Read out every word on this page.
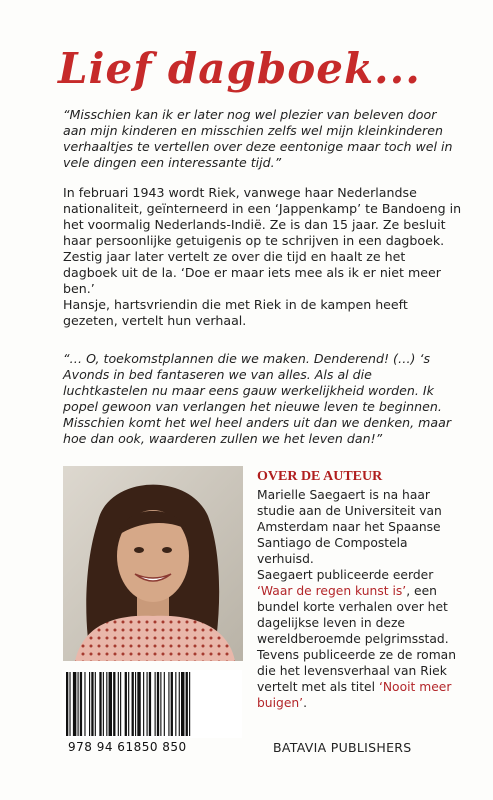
Lief dagboek...

“Misschien kan ik er later nog wel plezier van beleven door aan mijn kinderen en misschien zelfs wel mijn kleinkinderen verhaaltjes te vertellen over deze eentonige maar toch wel in vele dingen een interessante tijd.”

In februari 1943 wordt Riek, vanwege haar Nederlandse nationaliteit, geïnterneerd in een ‘Jappenkamp’ te Bandoeng in het voormalig Nederlands-Indië. Ze is dan 15 jaar. Ze besluit haar persoonlijke getuigenis op te schrijven in een dagboek. Zestig jaar later vertelt ze over die tijd en haalt ze het dagboek uit de la. ‘Doe er maar iets mee als ik er niet meer ben.’

Hansje, hartsvriendin die met Riek in de kampen heeft gezeten, vertelt hun verhaal.

“… O, toekomstplannen die we maken. Denderend! (…) ‘s Avonds in bed fantaseren we van alles. Als al die luchtkastelen nu maar eens gauw werkelijkheid worden. Ik popel gewoon van verlangen het nieuwe leven te beginnen. Misschien komt het wel heel anders uit dan we denken, maar hoe dan ook, waarderen zullen we het leven dan!”

OVER DE AUTEUR

Marielle Saegaert is na haar studie aan de Universiteit van Amsterdam naar het Spaanse Santiago de Compostela verhuisd.

Saegaert publiceerde eerder ‘Waar de regen kunst is’, een bundel korte verhalen over het dagelijkse leven in deze wereldberoemde pelgrimsstad. Tevens publiceerde ze de roman die het levensverhaal van Riek vertelt met als titel ‘Nooit meer buigen’.

978 94 61850 850	BATAVIA PUBLISHERS
